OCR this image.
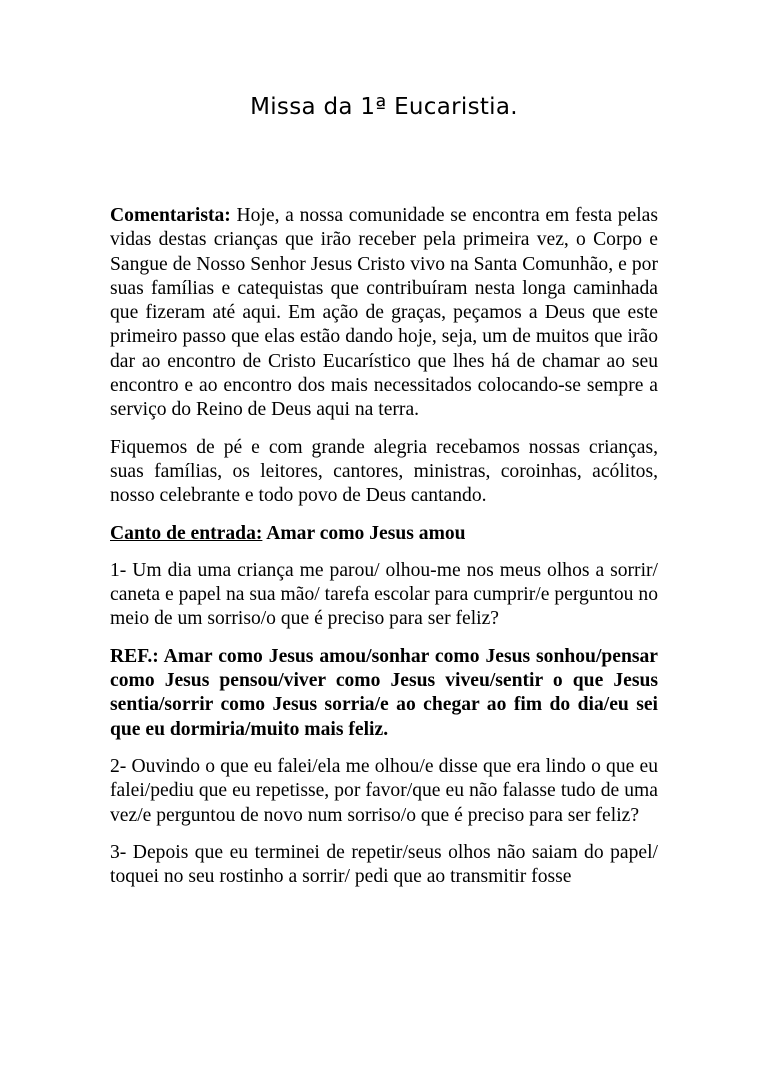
Missa da 1ª Eucaristia.

Comentarista: Hoje, a nossa comunidade se encontra em festa pelas vidas destas crianças que irão receber pela primeira vez, o Corpo e Sangue de Nosso Senhor Jesus Cristo vivo na Santa Comunhão, e por suas famílias e catequistas que contribuíram nesta longa caminhada que fizeram até aqui. Em ação de graças, peçamos a Deus que este primeiro passo que elas estão dando hoje, seja, um de muitos que irão dar ao encontro de Cristo Eucarístico que lhes há de chamar ao seu encontro e ao encontro dos mais necessitados colocando-se sempre a serviço do Reino de Deus aqui na terra.

Fiquemos de pé e com grande alegria recebamos nossas crianças, suas famílias, os leitores, cantores, ministras, coroinhas, acólitos, nosso celebrante e todo povo de Deus cantando.

Canto de entrada: Amar como Jesus amou

1- Um dia uma criança me parou/ olhou-me nos meus olhos a sorrir/ caneta e papel na sua mão/ tarefa escolar para cumprir/e perguntou no meio de um sorriso/o que é preciso para ser feliz?

REF.: Amar como Jesus amou/sonhar como Jesus sonhou/pensar como Jesus pensou/viver como Jesus viveu/sentir o que Jesus sentia/sorrir como Jesus sorria/e ao chegar ao fim do dia/eu sei que eu dormiria/muito mais feliz.

2- Ouvindo o que eu falei/ela me olhou/e disse que era lindo o que eu falei/pediu que eu repetisse, por favor/que eu não falasse tudo de uma vez/e perguntou de novo num sorriso/o que é preciso para ser feliz?

3- Depois que eu terminei de repetir/seus olhos não saiam do papel/ toquei no seu rostinho a sorrir/ pedi que ao transmitir fosse
